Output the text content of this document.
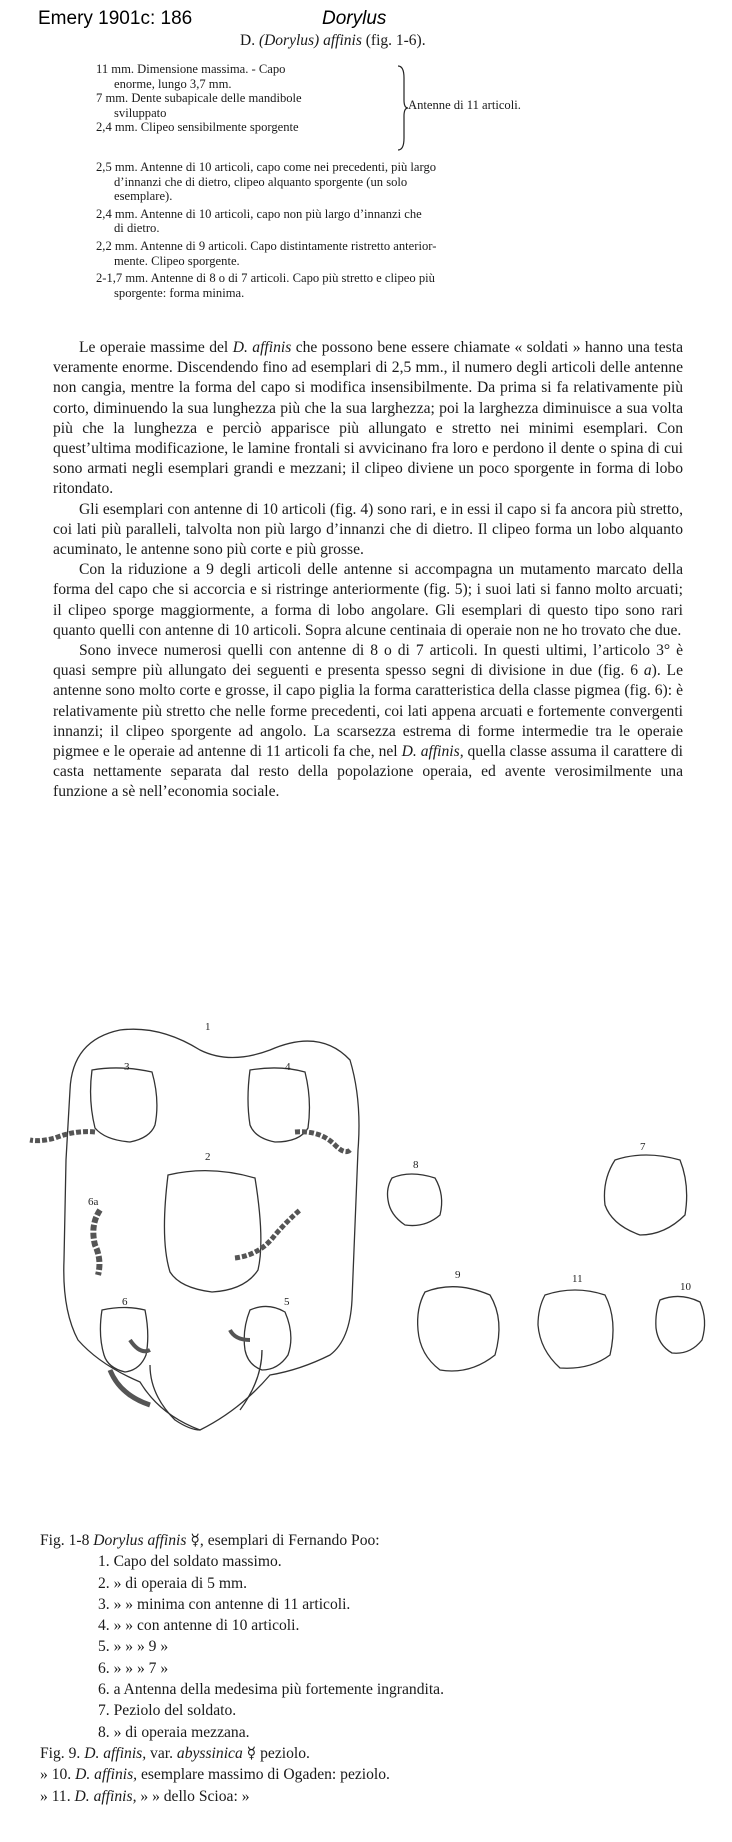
Emery 1901c: 186	Dorylus
D. (Dorylus) affinis (fig. 1-6).
11 mm. Dimensione massima. - Capo
enorme, lungo 3,7 mm.
7 mm. Dente subapicale delle mandibole
sviluppato
2,4 mm. Clipeo sensibilmente sporgente
Antenne di 11 articoli.
2,5 mm. Antenne di 10 articoli, capo come nei precedenti, più largo
d’innanzi che di dietro, clipeo alquanto sporgente (un solo
esemplare).
2,4 mm. Antenne di 10 articoli, capo non più largo d’innanzi che
di dietro.
2,2 mm. Antenne di 9 articoli. Capo distintamente ristretto anterior-
mente. Clipeo sporgente.
2-1,7 mm. Antenne di 8 o di 7 articoli. Capo più stretto e clipeo più
sporgente: forma minima.

Le operaie massime del D. affinis che possono bene essere chiamate « soldati » hanno una testa veramente enorme. Discendendo fino ad esemplari di 2,5 mm., il numero degli articoli delle antenne non cangia, mentre la forma del capo si modifica insensibilmente. Da prima si fa relativamente più corto, diminuendo la sua lunghezza più che la sua larghezza; poi la larghezza diminuisce a sua volta più che la lunghezza e perciò apparisce più allungato e stretto nei minimi esemplari. Con quest’ultima modificazione, le lamine frontali si avvicinano fra loro e perdono il dente o spina di cui sono armati negli esemplari grandi e mezzani; il clipeo diviene un poco sporgente in forma di lobo ritondato.

Gli esemplari con antenne di 10 articoli (fig. 4) sono rari, e in essi il capo si fa ancora più stretto, coi lati più paralleli, talvolta non più largo d’innanzi che di dietro. Il clipeo forma un lobo alquanto acuminato, le antenne sono più corte e più grosse.

Con la riduzione a 9 degli articoli delle antenne si accompagna un mutamento marcato della forma del capo che si accorcia e si ristringe anteriormente (fig. 5); i suoi lati si fanno molto arcuati; il clipeo sporge maggiormente, a forma di lobo angolare. Gli esemplari di questo tipo sono rari quanto quelli con antenne di 10 articoli. Sopra alcune centinaia di operaie non ne ho trovato che due.

Sono invece numerosi quelli con antenne di 8 o di 7 articoli. In questi ultimi, l’articolo 3° è quasi sempre più allungato dei seguenti e presenta spesso segni di divisione in due (fig. 6 a). Le antenne sono molto corte e grosse, il capo piglia la forma caratteristica della classe pigmea (fig. 6): è relativamente più stretto che nelle forme precedenti, coi lati appena arcuati e fortemente convergenti innanzi; il clipeo sporgente ad angolo. La scarsezza estrema di forme intermedie tra le operaie pigmee e le operaie ad antenne di 11 articoli fa che, nel D. affinis, quella classe assuma il carattere di casta nettamente separata dal resto della popolazione operaia, ed avente verosimilmente una funzione a sè nell’economia sociale.

1
2
3	4
5
6
6a
7
8
10
9	11
Fig. 1-8 Dorylus affinis ☿, esemplari di Fernando Poo:
1. Capo del soldato massimo.
2. » di operaia di 5 mm.
3. » » minima con antenne di 11 articoli.
4. » » con antenne di 10 articoli.
5. » » » 9 »
6. » » » 7 »
6. a Antenna della medesima più fortemente ingrandita.
7. Peziolo del soldato.
8. » di operaia mezzana.
Fig. 9. D. affinis, var. abyssinica ☿ peziolo.
» 10. D. affinis, esemplare massimo di Ogaden: peziolo.
» 11. D. affinis, » » dello Scioa: »
